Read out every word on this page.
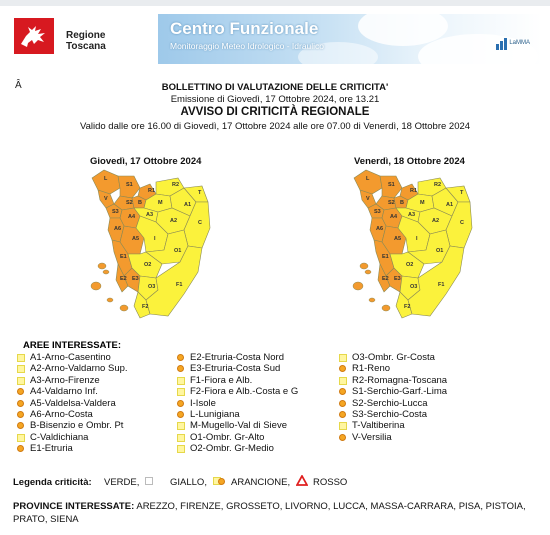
Regione Toscana
Centro Funzionale
Monitoraggio Meteo Idrologico - Idraulico	LaMMA
Â	BOLLETTINO DI VALUTAZIONE DELLE CRITICITA'
Emissione di Giovedì, 17 Ottobre 2024, ore 13.21
AVVISO DI CRITICITÀ REGIONALE
Valido dalle ore 16.00 di Giovedì, 17 Ottobre 2024 alle ore 07.00 di Venerdì, 18 Ottobre 2024
Giovedì, 17 Ottobre 2024	Venerdì, 18 Ottobre 2024
R2
S1
R1
S3
S2
T
A4
A6
A2
B	A1
A5
A3
M
I
C
E1
O1
E3
O2
E2
O3
F2
V
L
F1
R2
S1
R1
S3
S2
T
A4
A6
A2
B	A1
A5
A3
M
I
C
E1
O1
E3
O2
E2
O3
F2
V
L
F1
AREE INTERESSATE:
A1-Arno-Casentino
A2-Arno-Valdarno Sup.
A3-Arno-Firenze
A4-Valdarno Inf.
A5-Valdelsa-Valdera
A6-Arno-Costa
B-Bisenzio e Ombr. Pt
C-Valdichiana
E1-Etruria
E2-Etruria-Costa Nord
E3-Etruria-Costa Sud
F1-Fiora e Alb.
F2-Fiora e Alb.-Costa e G
I-Isole
L-Lunigiana
M-Mugello-Val di Sieve
O1-Ombr. Gr-Alto
O2-Ombr. Gr-Medio
O3-Ombr. Gr-Costa
R1-Reno
R2-Romagna-Toscana
S1-Serchio-Garf.-Lima
S2-Serchio-Lucca
S3-Serchio-Costa
T-Valtiberina
V-Versilia
Legenda criticità: VERDE,	GIALLO,	ARANCIONE, ROSSO
PROVINCE INTERESSATE: AREZZO, FIRENZE, GROSSETO, LIVORNO, LUCCA, MASSA-CARRARA, PISA, PISTOIA, PRATO, SIENA
